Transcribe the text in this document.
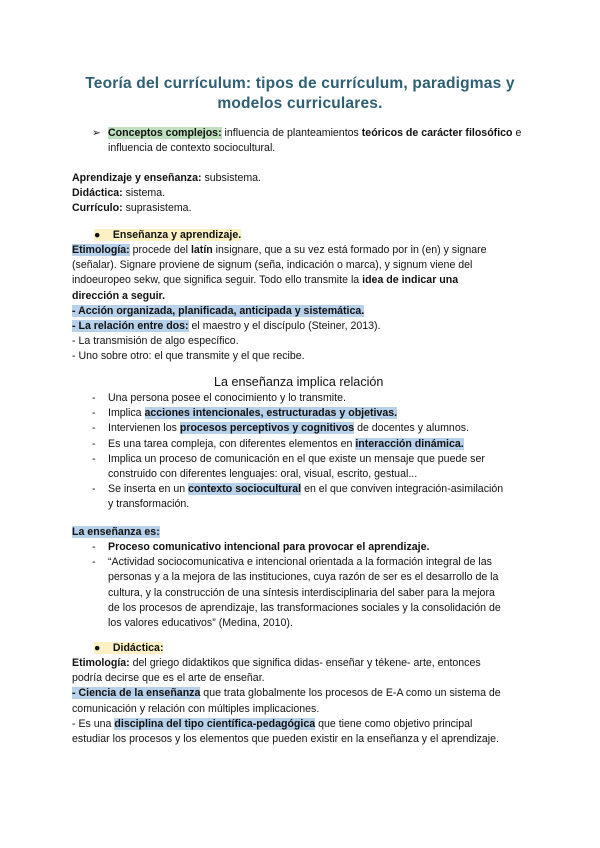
Teoría del currículum: tipos de currículum, paradigmas y
modelos curriculares.
➢ Conceptos complejos: influencia de planteamientos teóricos de carácter filosófico e influencia de contexto sociocultural.
Aprendizaje y enseñanza: subsistema.
Didáctica: sistema.
Currículo: suprasistema.
● Enseñanza y aprendizaje.
Etimología: procede del latín insignare, que a su vez está formado por in (en) y signare
(señalar). Signare proviene de signum (seña, indicación o marca), y signum viene del
indoeuropeo sekw, que significa seguir. Todo ello transmite la idea de indicar una
dirección a seguir.
- Acción organizada, planificada, anticipada y sistemática.
- La relación entre dos: el maestro y el discípulo (Steiner, 2013).
- La transmisión de algo específico.
- Uno sobre otro: el que transmite y el que recibe.
La enseñanza implica relación
- Una persona posee el conocimiento y lo transmite.
- Implica acciones intencionales, estructuradas y objetivas.
- Intervienen los procesos perceptivos y cognitivos de docentes y alumnos.
- Es una tarea compleja, con diferentes elementos en interacción dinámica.
- Implica un proceso de comunicación en el que existe un mensaje que puede ser
construido con diferentes lenguajes: oral, visual, escrito, gestual...
- Se inserta en un contexto sociocultural en el que conviven integración-asimilación
y transformación.
La enseñanza es:
- Proceso comunicativo intencional para provocar el aprendizaje.
- “Actividad sociocomunicativa e intencional orientada a la formación integral de las
personas y a la mejora de las instituciones, cuya razón de ser es el desarrollo de la
cultura, y la construcción de una síntesis interdisciplinaria del saber para la mejora
de los procesos de aprendizaje, las transformaciones sociales y la consolidación de
los valores educativos” (Medina, 2010).
● Didáctica:
Etimología: del griego didaktikos que significa didas- enseñar y tékene- arte, entonces
podría decirse que es el arte de enseñar.
- Ciencia de la enseñanza que trata globalmente los procesos de E-A como un sistema de
comunicación y relación con múltiples implicaciones.
- Es una disciplina del tipo científica-pedagógica que tiene como objetivo principal
estudiar los procesos y los elementos que pueden existir en la enseñanza y el aprendizaje.
